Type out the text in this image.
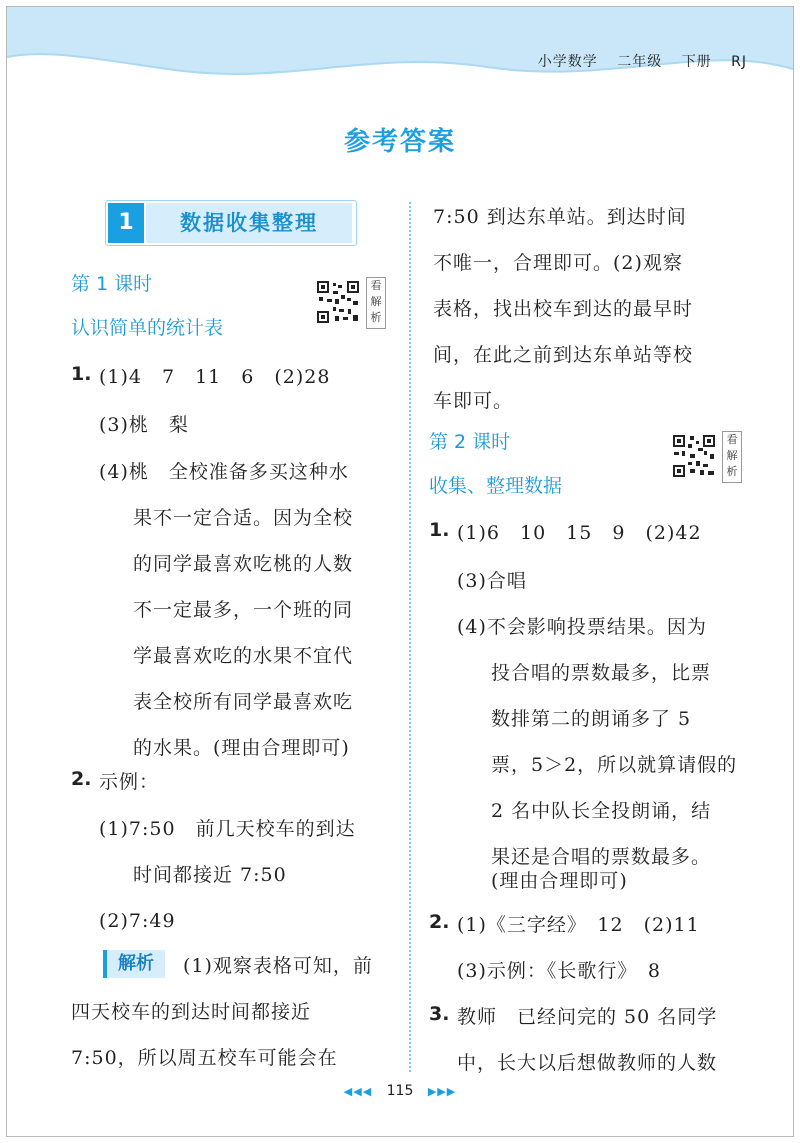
小学数学 二年级 下册 RJ
参考答案
1	数据收集整理
第 1 课时
认识简单的统计表
看解析
看解析
1. (1)4　7　11　6　(2)28
(3)桃　梨
(4)桃　全校准备多买这种水
果不一定合适。因为全校
的同学最喜欢吃桃的人数
不一定最多，一个班的同
学最喜欢吃的水果不宜代
表全校所有同学最喜欢吃
的水果。(理由合理即可)
2. 示例：
(1)7:50　前几天校车的到达
时间都接近 7:50
(2)7:49
解析	(1)观察表格可知，前
四天校车的到达时间都接近
7:50，所以周五校车可能会在
7:50 到达东单站。到达时间
不唯一，合理即可。(2)观察
表格，找出校车到达的最早时
间，在此之前到达东单站等校
车即可。
第 2 课时
收集、整理数据
1. (1)6　10　15　9　(2)42
(3)合唱
(4)不会影响投票结果。因为
投合唱的票数最多，比票
数排第二的朗诵多了 5
票，5＞2，所以就算请假的
2 名中队长全投朗诵，结
果还是合唱的票数最多。
(理由合理即可)
2. (1)《三字经》　12　(2)11
(3)示例：《长歌行》　8
3. 教师　已经问完的 50 名同学
中，长大以后想做教师的人数
◀◀◀ 115 ▶▶▶
